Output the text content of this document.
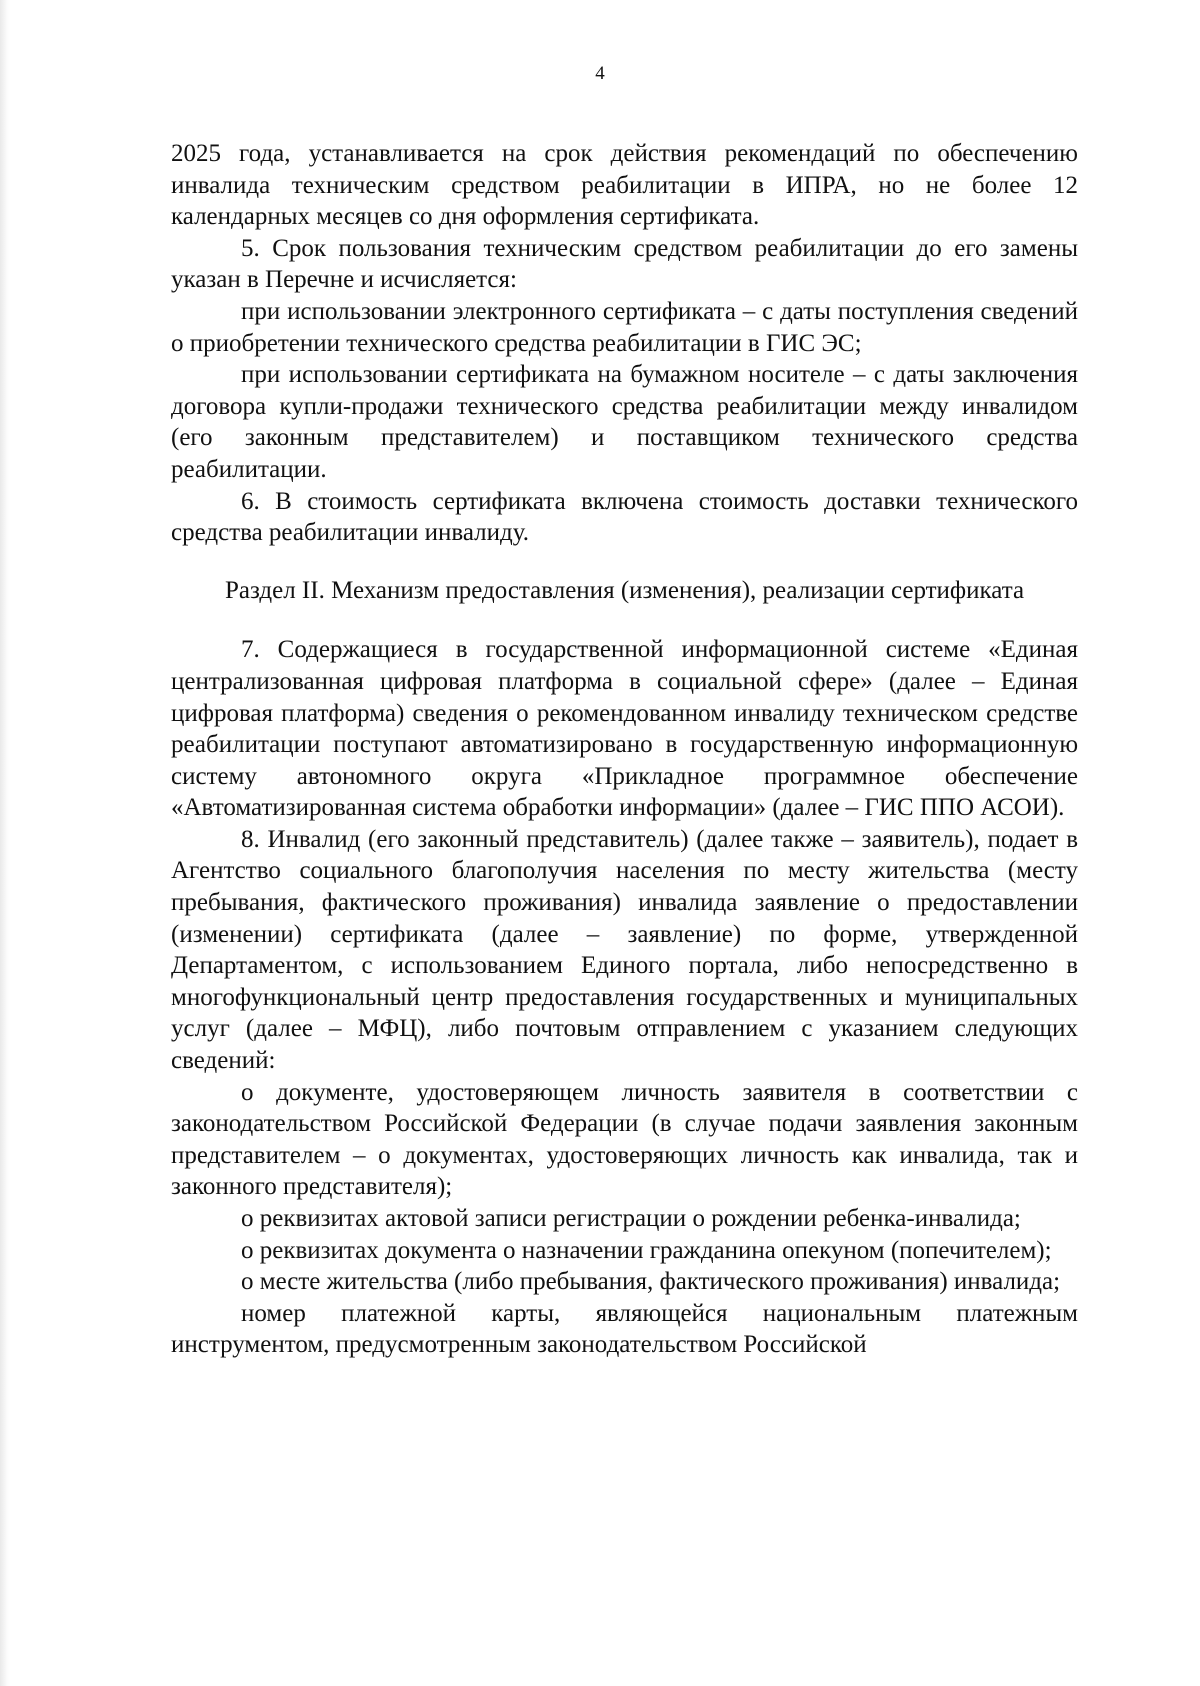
4

2025 года, устанавливается на срок действия рекомендаций по обеспечению инвалида техническим средством реабилитации в ИПРА, но не более 12 календарных месяцев со дня оформления сертификата.

5. Срок пользования техническим средством реабилитации до его замены указан в Перечне и исчисляется:

при использовании электронного сертификата – с даты поступления сведений о приобретении технического средства реабилитации в ГИС ЭС;

при использовании сертификата на бумажном носителе – с даты заключения договора купли-продажи технического средства реабилитации между инвалидом (его законным представителем) и поставщиком технического средства реабилитации.

6. В стоимость сертификата включена стоимость доставки технического средства реабилитации инвалиду.

Раздел II. Механизм предоставления (изменения), реализации сертификата

7. Содержащиеся в государственной информационной системе «Единая централизованная цифровая платформа в социальной сфере» (далее – Единая цифровая платформа) сведения о рекомендованном инвалиду техническом средстве реабилитации поступают автоматизировано в государственную информационную систему автономного округа «Прикладное программное обеспечение «Автоматизированная система обработки информации» (далее – ГИС ППО АСОИ).

8. Инвалид (его законный представитель) (далее также – заявитель), подает в Агентство социального благополучия населения по месту жительства (месту пребывания, фактического проживания) инвалида заявление о предоставлении (изменении) сертификата (далее – заявление) по форме, утвержденной Департаментом, с использованием Единого портала, либо непосредственно в многофункциональный центр предоставления государственных и муниципальных услуг (далее – МФЦ), либо почтовым отправлением с указанием следующих сведений:

о документе, удостоверяющем личность заявителя в соответствии с законодательством Российской Федерации (в случае подачи заявления законным представителем – о документах, удостоверяющих личность как инвалида, так и законного представителя);

о реквизитах актовой записи регистрации о рождении ребенка-инвалида;

о реквизитах документа о назначении гражданина опекуном (попечителем);

о месте жительства (либо пребывания, фактического проживания) инвалида;

номер платежной карты, являющейся национальным платежным инструментом, предусмотренным законодательством Российской
